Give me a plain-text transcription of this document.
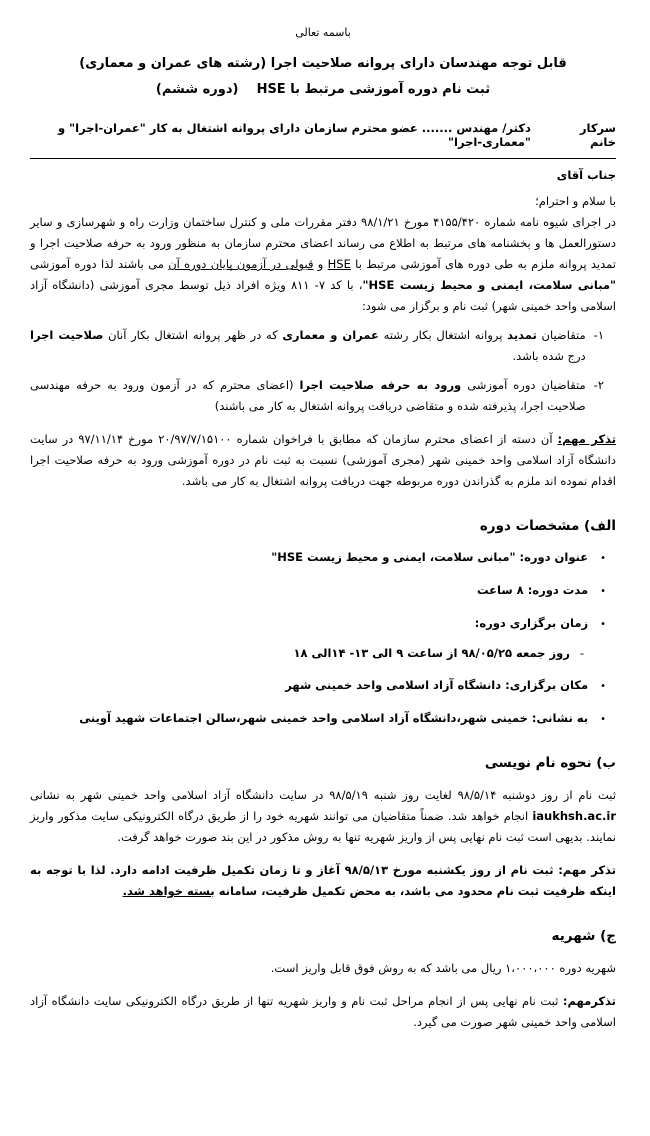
باسمه تعالی
قابل توجه مهندسان دارای پروانه صلاحیت اجرا (رشته های عمران و معماری)
ثبت نام دوره آموزشی مرتبط با HSE    (دوره ششم)
سرکار خانم
دکتر/ مهندس ....... عضو محترم سازمان دارای پروانه اشتغال به کار "عمران-اجرا" و "معماری-اجرا"
جناب آقای

با سلام و احترام؛

در اجرای شیوه نامه شماره ۴۱۵۵/۴۲۰ مورخ ۹۸/۱/۲۱ دفتر مقررات ملی و کنترل ساختمان وزارت راه و شهرسازی و سایر دستورالعمل ها و بخشنامه های مرتبط به اطلاع می رساند اعضای محترم سازمان به منظور ورود به حرفه صلاحیت اجرا و تمدید پروانه ملزم به طی دوره های آموزشی مرتبط با HSE و قبولی در آزمون پایان دوره آن می باشند لذا دوره آموزشی "مبانی سلامت، ایمنی و محیط زیست HSE"، با کد ۷- ۸۱۱ ویژه افراد ذیل توسط مجری آموزشی (دانشگاه آزاد اسلامی واحد خمینی شهر) ثبت نام و برگزار می شود:

۱-

متقاضیان تمدید پروانه اشتغال بکار رشته عمران و معماری که در ظهر پروانه اشتغال بکار آنان صلاحیت اجرا درج شده باشد.

۲-

متقاضیان دوره آموزشی ورود به حرفه صلاحیت اجرا (اعضای محترم که در آزمون ورود به حرفه مهندسی صلاحیت اجرا، پذیرفته شده و متقاضی دریافت پروانه اشتغال به کار می باشند)

تذکر مهم: آن دسته از اعضای محترم سازمان که مطابق با فراخوان شماره ۲۰/۹۷/۷/۱۵۱۰۰ مورخ ۹۷/۱۱/۱۴ در سایت دانشگاه آزاد اسلامی واحد خمینی شهر (مجری آموزشی) نسبت به ثبت نام در دوره آموزشی ورود به حرفه صلاحیت اجرا اقدام نموده اند ملزم به گذراندن دوره مربوطه جهت دریافت پروانه اشتغال به کار می باشد.

الف) مشخصات دوره
•
عنوان دوره: "مبانی سلامت، ایمنی و محیط زیست HSE"
•
مدت دوره: ۸ ساعت
•
زمان برگزاری دوره:
-
روز جمعه ۹۸/۰۵/۲۵ از ساعت ۹ الی ۱۳- ۱۴الی ۱۸
•
مکان برگزاری: دانشگاه آزاد اسلامی واحد خمینی شهر
•
به نشانی: خمینی شهر،دانشگاه آزاد اسلامی واحد خمینی شهر،سالن اجتماعات شهید آوینی
ب) نحوه نام نویسی

ثبت نام از روز دوشنبه ۹۸/۵/۱۴ لغایت روز شنبه ۹۸/۵/۱۹ در سایت دانشگاه آزاد اسلامی واحد خمینی شهر به نشانی iaukhsh.ac.ir انجام خواهد شد. ضمناً متقاضیان می توانند شهریه خود را از طریق درگاه الکترونیکی سایت مذکور واریز نمایند. بدیهی است ثبت نام نهایی پس از واریز شهریه تنها به روش مذکور در این بند صورت خواهد گرفت.

تذکر مهم: ثبت نام از روز یکشنبه مورخ ۹۸/۵/۱۳ آغاز و تا زمان تکمیل ظرفیت ادامه دارد. لذا با توجه به اینکه ظرفیت ثبت نام محدود می باشد، به محض تکمیل ظرفیت، سامانه بسته خواهد شد.

ج) شهریه

شهریه دوره ۱،۰۰۰،۰۰۰ ریال می باشد که به روش فوق قابل واریز است.

تذکرمهم: ثبت نام نهایی پس از انجام مراحل ثبت نام و واریز شهریه تنها از طریق درگاه الکترونیکی سایت دانشگاه آزاد اسلامی واحد خمینی شهر صورت می گیرد.
